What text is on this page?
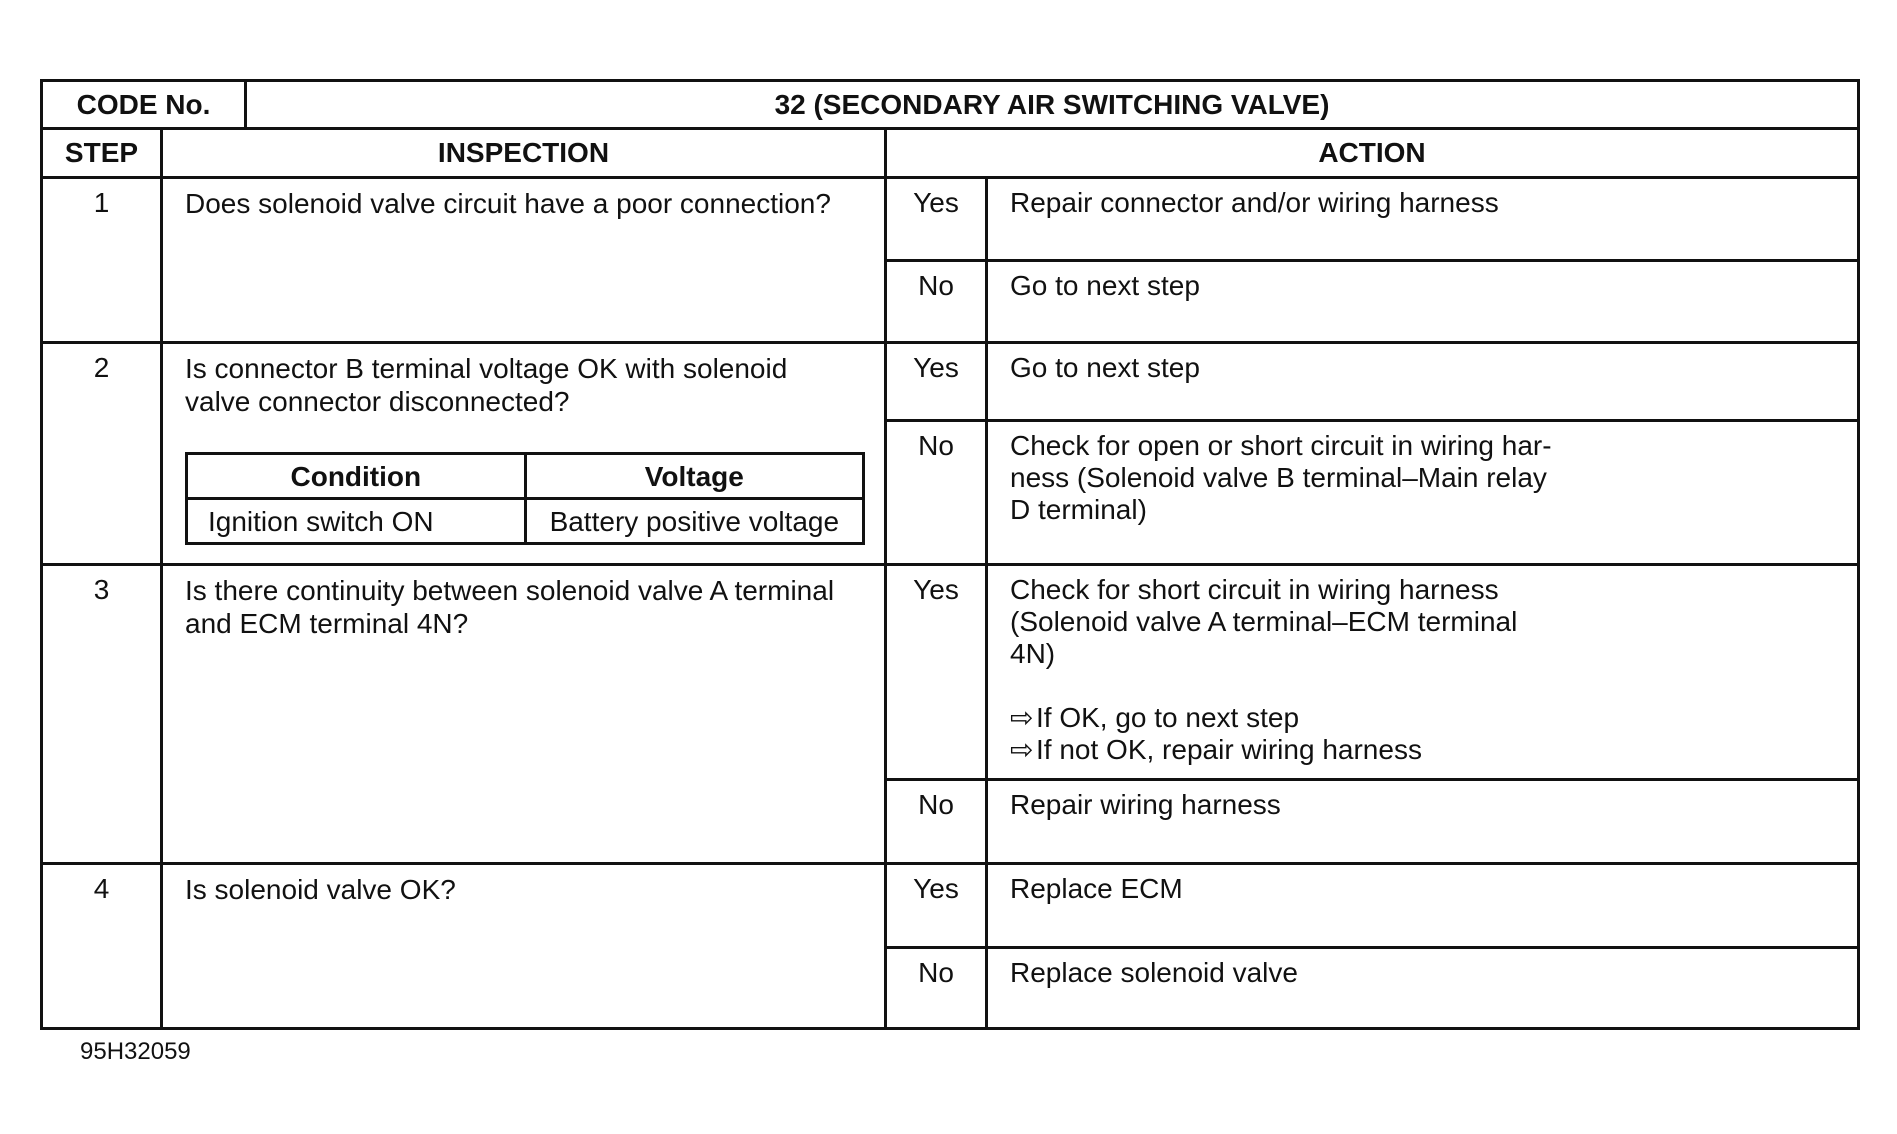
CODE No.	32 (SECONDARY AIR SWITCHING VALVE)
STEP	INSPECTION	ACTION
1	Does solenoid valve circuit have a poor connection?	Yes	Repair connector and/or wiring harness
No	Go to next step
2	Is connector B terminal voltage OK with solenoid
valve connector disconnected?
Condition	Voltage
Ignition switch ON	Battery positive voltage
	Yes	Go to next step
No	Check for open or short circuit in wiring har-
ness (Solenoid valve B terminal–Main relay
D terminal)

3	Is there continuity between solenoid valve A terminal
and ECM terminal 4N?
	Yes	Check for short circuit in wiring harness
(Solenoid valve A terminal–ECM terminal
4N)
⇨If OK, go to next step
⇨If not OK, repair wiring harness

No	Repair wiring harness
4	Is solenoid valve OK?	Yes	Replace ECM
No	Replace solenoid valve
95H32059
